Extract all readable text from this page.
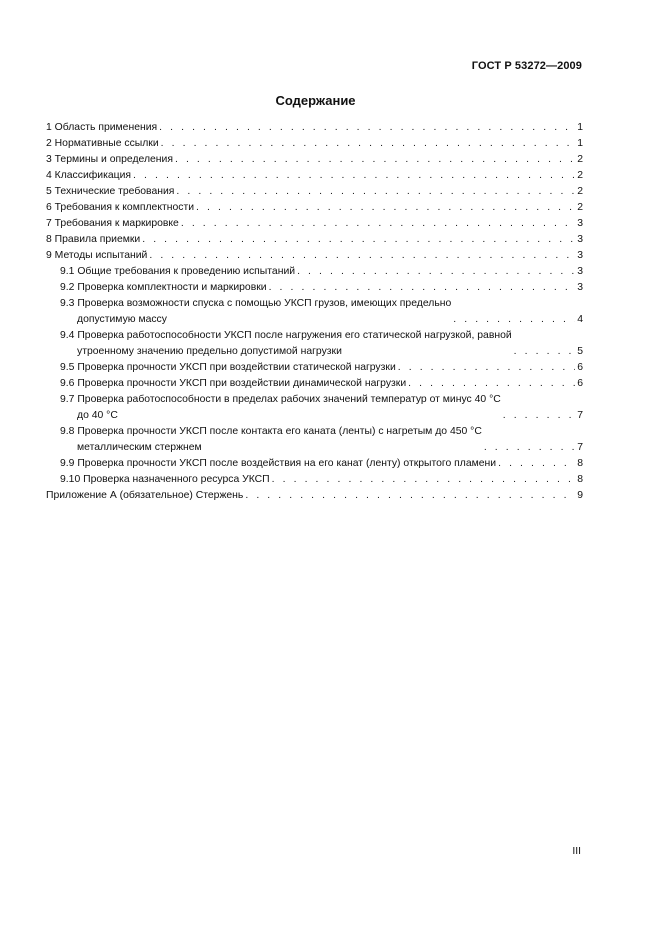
ГОСТ Р 53272—2009
Содержание
1 Область применения . . .	1
2 Нормативные ссылки . . .	1
3 Термины и определения . . .	2
4 Классификация . . .	2
5 Технические требования . . .	2
6 Требования к комплектности . . .	2
7 Требования к маркировке . . .	3
8 Правила приемки . . .	3
9 Методы испытаний . . .	3
9.1 Общие требования к проведению испытаний . . .	3
9.2 Проверка комплектности и маркировки . . .	3
9.3 Проверка возможности спуска с помощью УКСП грузов, имеющих предельно
допустимую массу . . .	4
9.4 Проверка работоспособности УКСП после нагружения его статической нагрузкой, равной
утроенному значению предельно допустимой нагрузки . . .	5
9.5 Проверка прочности УКСП при воздействии статической нагрузки . . .	6
9.6 Проверка прочности УКСП при воздействии динамической нагрузки . . .	6
9.7 Проверка работоспособности в пределах рабочих значений температур от минус 40 °С
до 40 °С . . .	7
9.8 Проверка прочности УКСП после контакта его каната (ленты) с нагретым до 450 °С
металлическим стержнем . . .	7
9.9 Проверка прочности УКСП после воздействия на его канат (ленту) открытого пламени . . .	8
9.10 Проверка назначенного ресурса УКСП . . .	8
Приложение А (обязательное) Стержень . . .	9
III
